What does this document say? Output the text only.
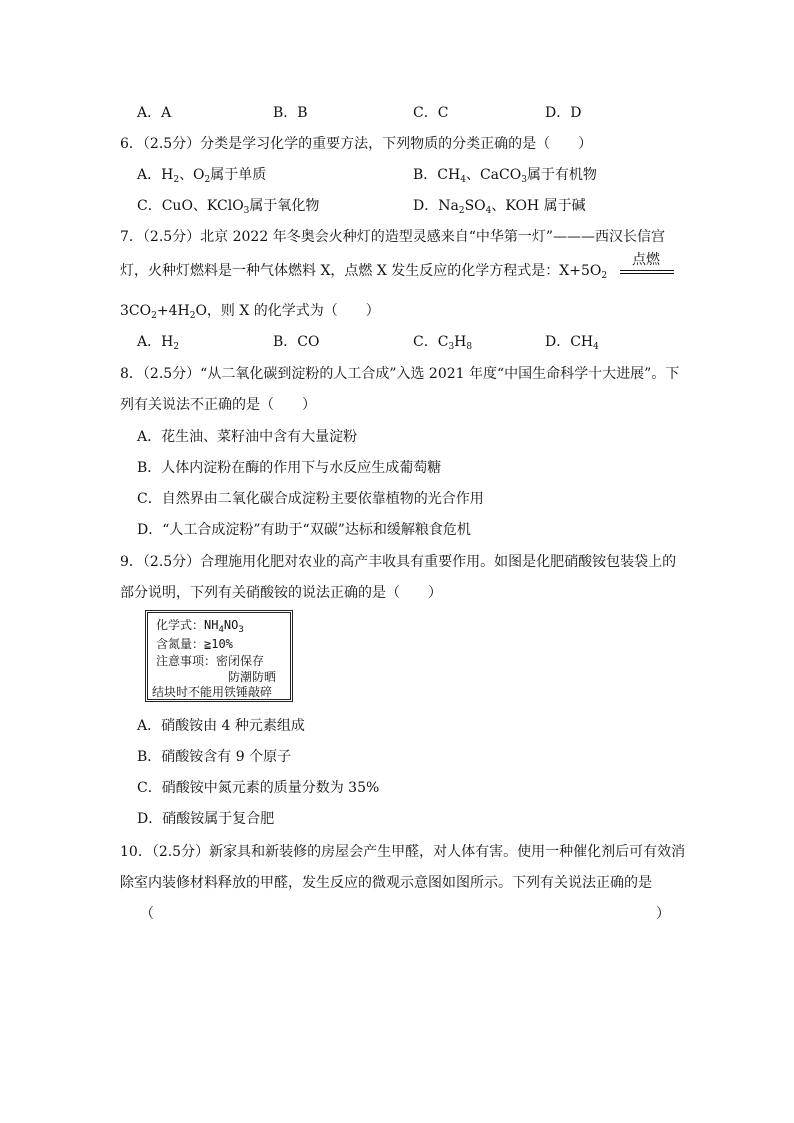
A．A	B．B	C．C	D．D
6．（2.5分）分类是学习化学的重要方法，下列物质的分类正确的是（　　）
A．$H_2$、$O_2$属于单质	B．$CH_4$、CaCO$_3$属于有机物
C．CuO、KClO$_3$属于氧化物	D．$Na_2SO_4$、KOH 属于碱
7．（2.5分）北京 2022 年冬奥会火种灯的造型灵感来自“中华第一灯”———西汉长信宫
灯，火种灯燃料是一种气体燃料 X，点燃 X 发生反应的化学方程式是：$X+5O_2$
点燃
$3CO_2+4H_2O$，则 X 的化学式为（　　）
A．$H_2$	B．CO	C．$C_3H_8$	D．$CH_4$
8．（2.5分）“从二氧化碳到淀粉的人工合成”入选 2021 年度“中国生命科学十大进展”。下
列有关说法不正确的是（　　）
A．花生油、菜籽油中含有大量淀粉
B．人体内淀粉在酶的作用下与水反应生成葡萄糖
C．自然界由二氧化碳合成淀粉主要依靠植物的光合作用
D．“人工合成淀粉”有助于“双碳”达标和缓解粮食危机
9．（2.5分）合理施用化肥对农业的高产丰收具有重要作用。如图是化肥硝酸铵包装袋上的
部分说明，下列有关硝酸铵的说法正确的是（　　）
化学式：$NH_4NO_3$
含氮量：≧10%
注意事项：密闭保存
防潮防晒
结块时不能用铁锤敲碎
A．硝酸铵由 4 种元素组成
B．硝酸铵含有 9 个原子
C．硝酸铵中氮元素的质量分数为 35%
D．硝酸铵属于复合肥
10．（2.5分）新家具和新装修的房屋会产生甲醛，对人体有害。使用一种催化剂后可有效消
除室内装修材料释放的甲醛，发生反应的微观示意图如图所示。下列有关说法正确的是
（	）
